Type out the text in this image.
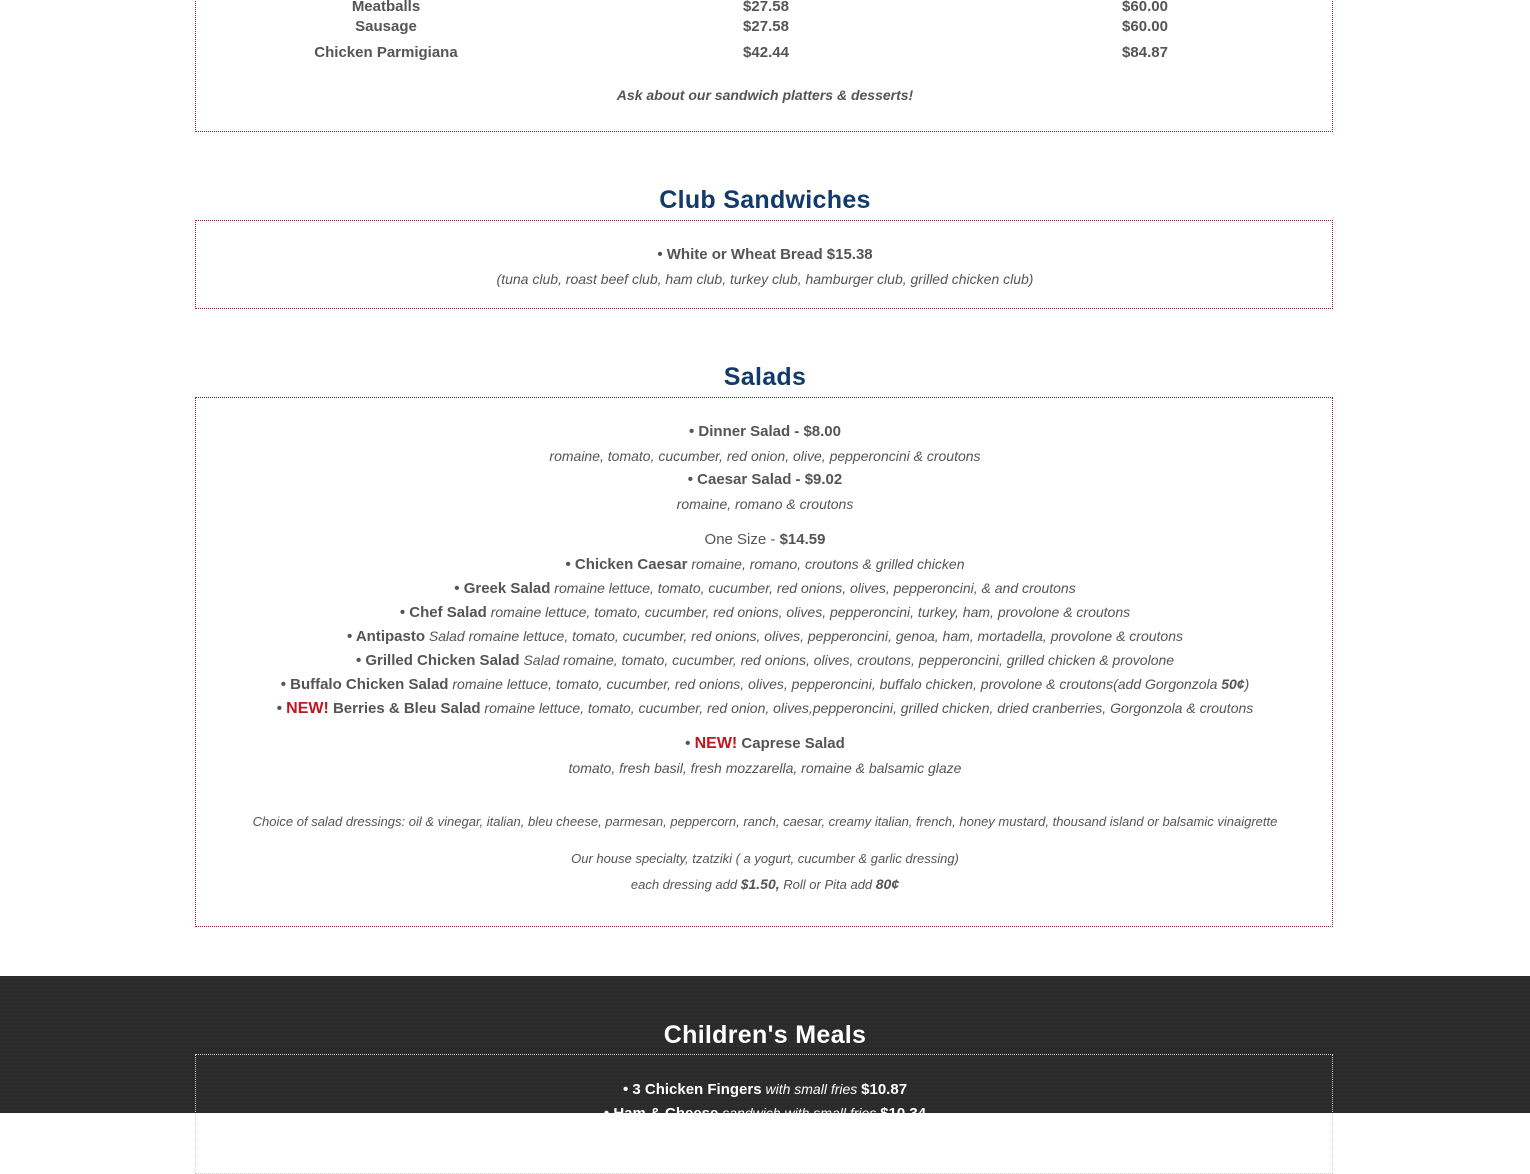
Meatballs	$27.58	$60.00
Sausage	$27.58	$60.00
Chicken Parmigiana	$42.44	$84.87
Ask about our sandwich platters & desserts!
Club Sandwiches
• White or Wheat Bread $15.38
(tuna club, roast beef club, ham club, turkey club, hamburger club, grilled chicken club)
Salads
• Dinner Salad - $8.00
romaine, tomato, cucumber, red onion, olive, pepperoncini & croutons
• Caesar Salad - $9.02
romaine, romano & croutons
One Size - $14.59
• Chicken Caesar romaine, romano, croutons & grilled chicken
• Greek Salad romaine lettuce, tomato, cucumber, red onions, olives, pepperoncini, & and croutons
• Chef Salad romaine lettuce, tomato, cucumber, red onions, olives, pepperoncini, turkey, ham, provolone & croutons
• Antipasto Salad romaine lettuce, tomato, cucumber, red onions, olives, pepperoncini, genoa, ham, mortadella, provolone & croutons
• Grilled Chicken Salad Salad romaine, tomato, cucumber, red onions, olives, croutons, pepperoncini, grilled chicken & provolone
• Buffalo Chicken Salad romaine lettuce, tomato, cucumber, red onions, olives, pepperoncini, buffalo chicken, provolone & croutons(add Gorgonzola 50¢)
• NEW! Berries & Bleu Salad romaine lettuce, tomato, cucumber, red onion, olives,pepperoncini, grilled chicken, dried cranberries, Gorgonzola & croutons
• NEW! Caprese Salad
tomato, fresh basil, fresh mozzarella, romaine & balsamic glaze
Choice of salad dressings: oil & vinegar, italian, bleu cheese, parmesan, peppercorn, ranch, caesar, creamy italian, french, honey mustard, thousand island or balsamic vinaigrette
Our house specialty, tzatziki ( a yogurt, cucumber & garlic dressing)
each dressing add $1.50, Roll or Pita add 80¢
Children's Meals
• 3 Chicken Fingers with small fries $10.87
• Ham & Cheese sandwich with small fries $10.34
